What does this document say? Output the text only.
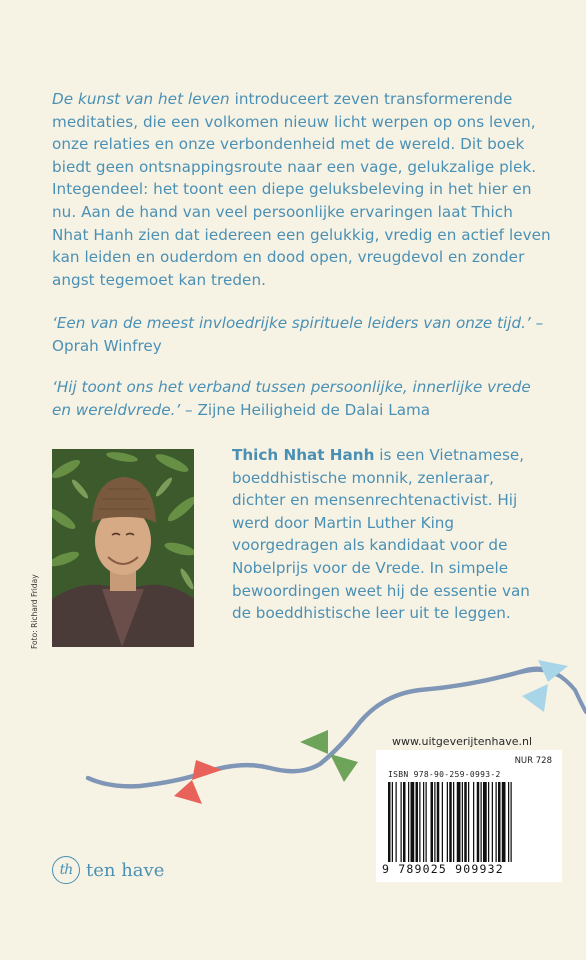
De kunst van het leven introduceert zeven transformerende meditaties, die een volkomen nieuw licht werpen op ons leven, onze relaties en onze verbondenheid met de wereld. Dit boek biedt geen ontsnappingsroute naar een vage, gelukzalige plek. Integendeel: het toont een diepe geluksbeleving in het hier en nu. Aan de hand van veel persoonlijke ervaringen laat Thich Nhat Hanh zien dat iedereen een gelukkig, vredig en actief leven kan leiden en ouderdom en dood open, vreugdevol en zonder angst tegemoet kan treden.
‘Een van de meest invloedrijke spirituele leiders van onze tijd.’ – Oprah Winfrey
‘Hij toont ons het verband tussen persoonlijke, innerlijke vrede en wereldvrede.’ – Zijne Heiligheid de Dalai Lama
Foto: Richard Friday
Thich Nhat Hanh is een Vietnamese, boeddhistische monnik, zenleraar, dichter en mensenrechtenactivist. Hij werd door Martin Luther King voorgedragen als kandidaat voor de Nobelprijs voor de Vrede. In simpele bewoordingen weet hij de essentie van de boeddhistische leer uit te leggen.
www.uitgeverijtenhave.nl
NUR 728
ISBN 978-90-259-0993-2
9 789025 909932
th ten have
